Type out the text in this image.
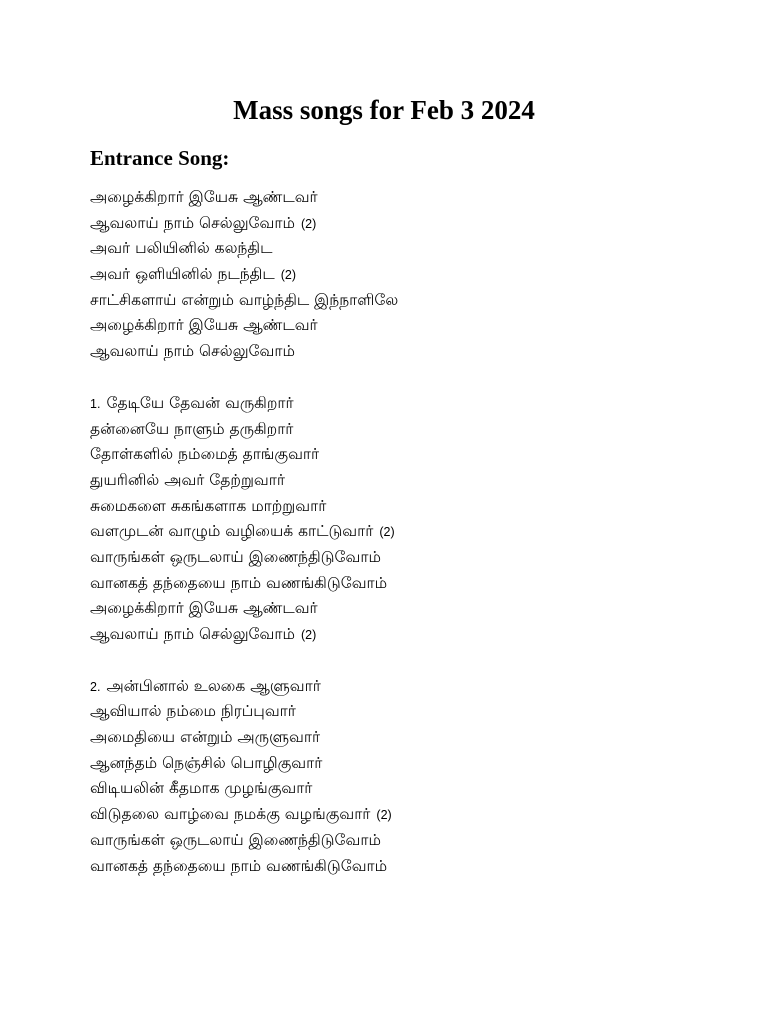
Mass songs for Feb 3 2024
Entrance Song:
அழைக்கிறார் இயேசு ஆண்டவர்
ஆவலாய் நாம் செல்லுவோம் (2)
அவர் பலியினில் கலந்திட
அவர் ஒளியினில் நடந்திட (2)
சாட்சிகளாய் என்றும் வாழ்ந்திட இந்நாளிலே
அழைக்கிறார் இயேசு ஆண்டவர்
ஆவலாய் நாம் செல்லுவோம்
1. தேடியே தேவன் வருகிறார்
தன்னையே நாளும் தருகிறார்
தோள்களில் நம்மைத் தாங்குவார்
துயரினில் அவர் தேற்றுவார்
சுமைகளை சுகங்களாக மாற்றுவார்
வளமுடன் வாழும் வழியைக் காட்டுவார் (2)
வாருங்கள் ஒருடலாய் இணைந்திடுவோம்
வானகத் தந்தையை நாம் வணங்கிடுவோம்
அழைக்கிறார் இயேசு ஆண்டவர்
ஆவலாய் நாம் செல்லுவோம் (2)
2. அன்பினால் உலகை ஆளுவார்
ஆவியால் நம்மை நிரப்புவார்
அமைதியை என்றும் அருளுவார்
ஆனந்தம் நெஞ்சில் பொழிகுவார்
விடியலின் கீதமாக முழங்குவார்
விடுதலை வாழ்வை நமக்கு வழங்குவார் (2)
வாருங்கள் ஒருடலாய் இணைந்திடுவோம்
வானகத் தந்தையை நாம் வணங்கிடுவோம்
